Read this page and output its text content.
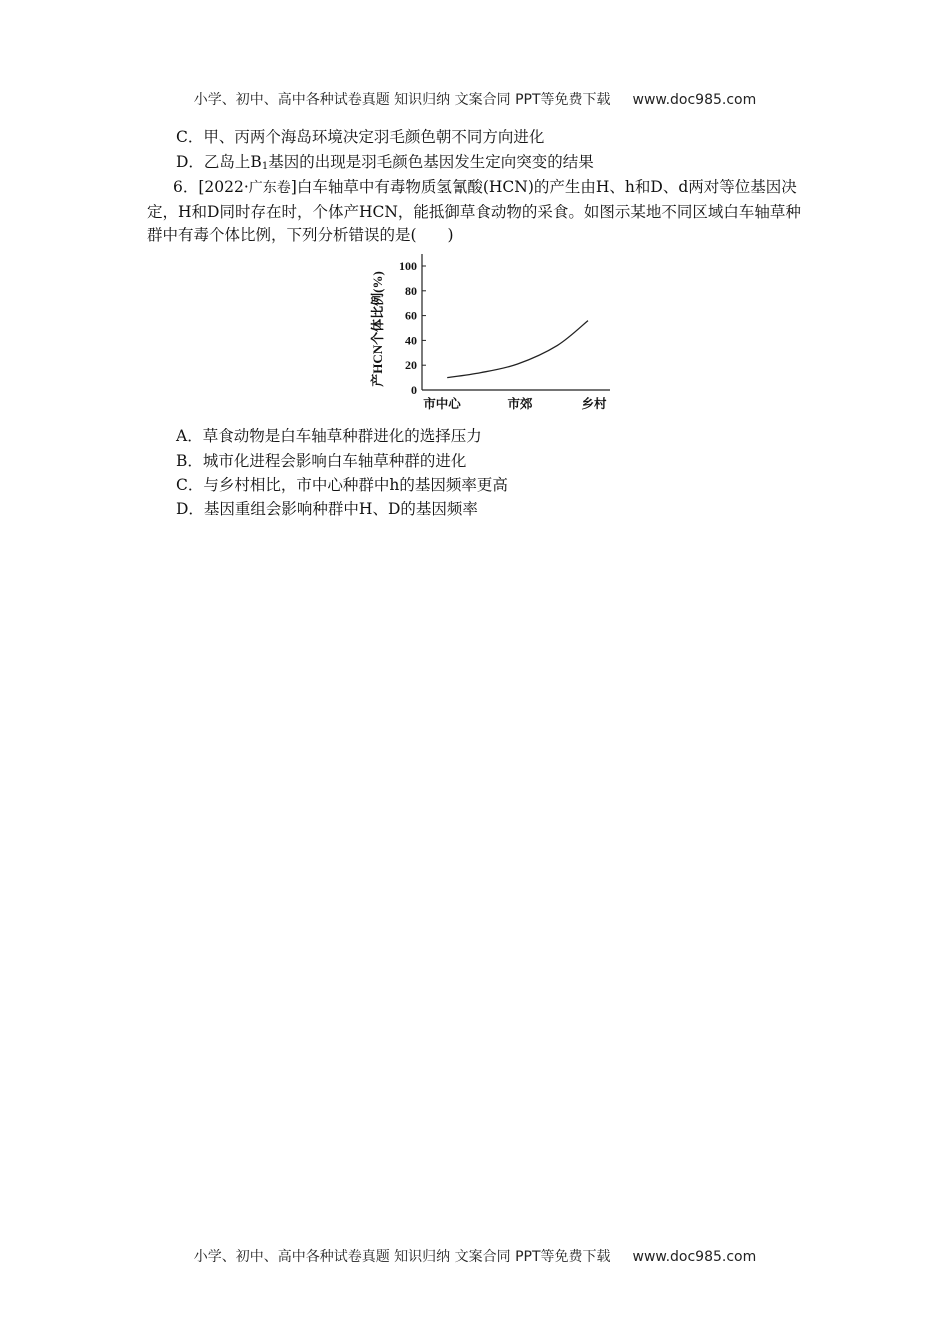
小学、初中、高中各种试卷真题 知识归纳 文案合同 PPT等免费下载 www.doc985.com
C．甲、丙两个海岛环境决定羽毛颜色朝不同方向进化
D．乙岛上$B_1$基因的出现是羽毛颜色基因发生定向突变的结果
6．[2022·广东卷]白车轴草中有毒物质氢氰酸(HCN)的产生由H、h和D、d两对等位基因决定，H和D同时存在时，个体产HCN，能抵御草食动物的采食。如图示某地不同区域白车轴草种群中有毒个体比例，下列分析错误的是(　　)
100
80
60
40
20
0
市中心	市郊	乡村
产HCN个体比例(%)
A．草食动物是白车轴草种群进化的选择压力
B．城市化进程会影响白车轴草种群的进化
C．与乡村相比，市中心种群中h的基因频率更高
D．基因重组会影响种群中H、D的基因频率
小学、初中、高中各种试卷真题 知识归纳 文案合同 PPT等免费下载 www.doc985.com
